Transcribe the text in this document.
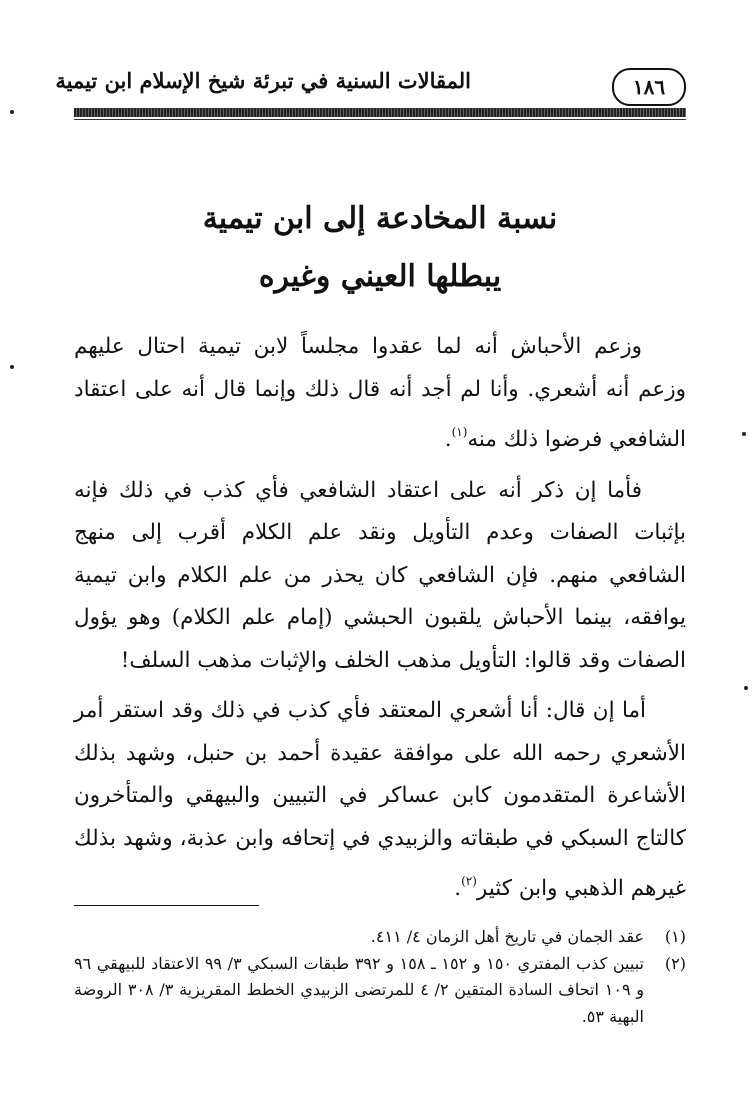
١٨٦
المقالات السنية في تبرئة شيخ الإسلام ابن تيمية
نسبة المخادعة إلى ابن تيمية
يبطلها العيني وغيره

وزعم الأحباش أنه لما عقدوا مجلساً لابن تيمية احتال عليهم وزعم أنه أشعري. وأنا لم أجد أنه قال ذلك وإنما قال أنه على اعتقاد الشافعي فرضوا ذلك منه$^{(١)}$.

فأما إن ذكر أنه على اعتقاد الشافعي فأي كذب في ذلك فإنه بإثبات الصفات وعدم التأويل ونقد علم الكلام أقرب إلى منهج الشافعي منهم. فإن الشافعي كان يحذر من علم الكلام وابن تيمية يوافقه، بينما الأحباش يلقبون الحبشي (إمام علم الكلام) وهو يؤول الصفات وقد قالوا: التأويل مذهب الخلف والإثبات مذهب السلف!

أما إن قال: أنا أشعري المعتقد فأي كذب في ذلك وقد استقر أمر الأشعري رحمه الله على موافقة عقيدة أحمد بن حنبل، وشهد بذلك الأشاعرة المتقدمون كابن عساكر في التبيين والبيهقي والمتأخرون كالتاج السبكي في طبقاته والزبيدي في إتحافه وابن عذبة، وشهد بذلك غيرهم الذهبي وابن كثير$^{(٢)}$.

(١)
عقد الجمان في تاريخ أهل الزمان ٤/ ٤١١.
(٢)
تبيين كذب المفتري ١٥٠ و ١٥٢ ـ ١٥٨ و ٣٩٢ طبقات السبكي ٣/ ٩٩ الاعتقاد للبيهقي ٩٦ و ١٠٩ اتحاف السادة المتقين ٢/ ٤ للمرتضى الزبيدي الخطط المقريزية ٣/ ٣٠٨ الروضة البهية ٥٣.
